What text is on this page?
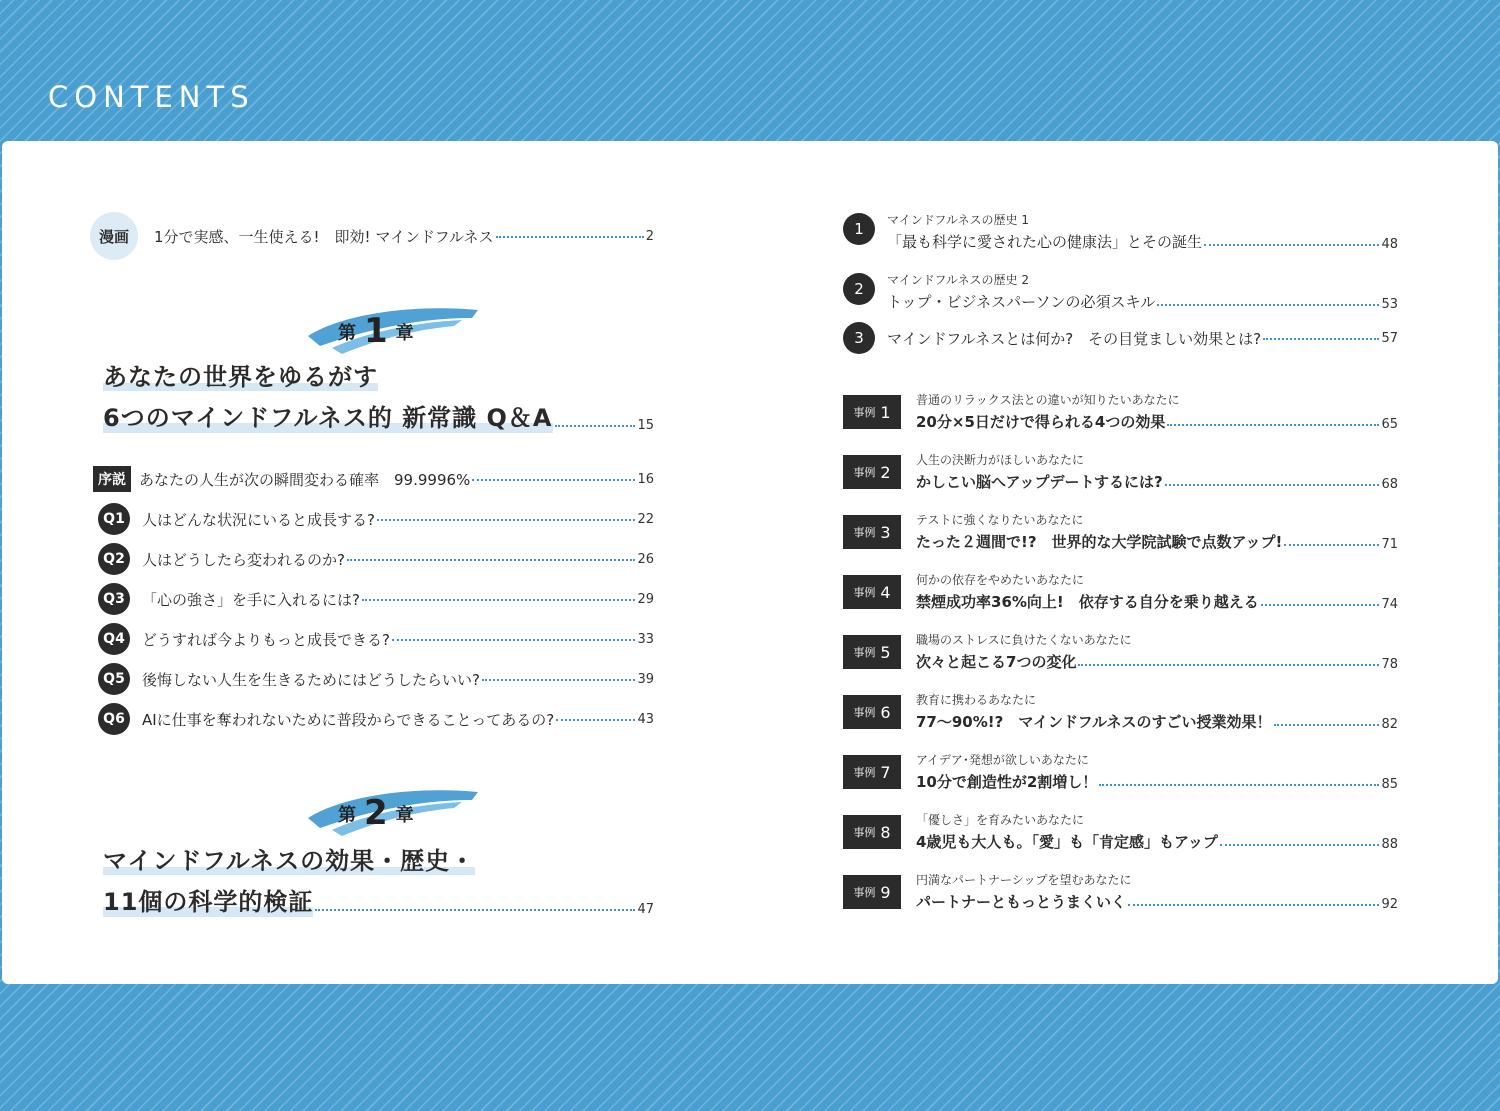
CONTENTS
漫画	1分で実感、一生使える!　即効! マインドフルネス	2
第 1 章
あなたの世界をゆるがす
6つのマインドフルネス的 新常識 Q＆A	15
序説 あなたの人生が次の瞬間変わる確率　99.9996%	16
Q1	人はどんな状況にいると成長する?	22
Q2	人はどうしたら変われるのか?	26
Q3	「心の強さ」を手に入れるには?	29
Q4	どうすれば今よりもっと成長できる?	33
Q5	後悔しない人生を生きるためにはどうしたらいい?	39
Q6	AIに仕事を奪われないために普段からできることってあるの?	43
第 2 章
マインドフルネスの効果・歴史・
11個の科学的検証	47
1	マインドフルネスの歴史 1
「最も科学に愛された心の健康法」とその誕生	48
2	マインドフルネスの歴史 2
トップ・ビジネスパーソンの必須スキル	53
3	マインドフルネスとは何か?　その目覚ましい効果とは?	57
事例 1
普通のリラックス法との違いが知りたいあなたに
20分×5日だけで得られる4つの効果	65
事例 2
人生の決断力がほしいあなたに
かしこい脳へアップデートするには?	68
事例 3
テストに強くなりたいあなたに
たった２週間で!?　世界的な大学院試験で点数アップ!	71
事例 4
何かの依存をやめたいあなたに
禁煙成功率36%向上!　依存する自分を乗り越える	74
事例 5
職場のストレスに負けたくないあなたに
次々と起こる7つの変化	78
事例 6
教育に携わるあなたに
77〜90%!?　マインドフルネスのすごい授業効果！	82
事例 7
アイデア･発想が欲しいあなたに
10分で創造性が2割増し！	85
事例 8
「優しさ」を育みたいあなたに
4歳児も大人も。「愛」も「肯定感」もアップ	88
事例 9
円満なパートナーシップを望むあなたに
パートナーともっとうまくいく	92
